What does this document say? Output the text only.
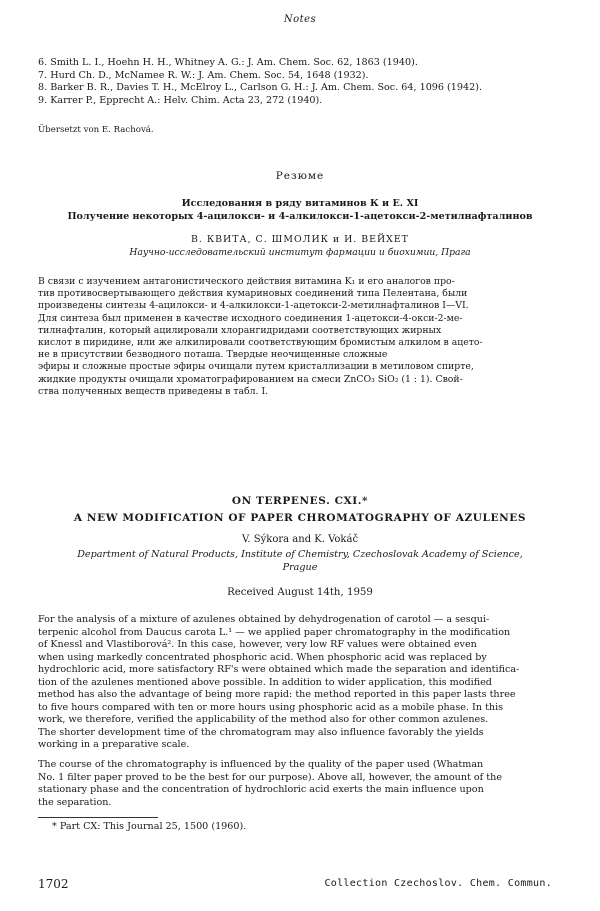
Notes
6. Smith L. I., Hoehn H. H., Whitney A. G.: J. Am. Chem. Soc. 62, 1863 (1940).
7. Hurd Ch. D., McNamee R. W.: J. Am. Chem. Soc. 54, 1648 (1932).
8. Barker B. R., Davies T. H., McElroy L., Carlson G. H.: J. Am. Chem. Soc. 64, 1096 (1942).
9. Karrer P., Epprecht A.: Helv. Chim. Acta 23, 272 (1940).
Übersetzt von E. Rachová.
Резюме
Исследования в ряду витаминов К и Е. XI
Получение некоторых 4-ацилокси- и 4-алкилокси-1-ацетокси-2-метилнафталинов
В. КВИТА, С. ШМОЛИК и И. ВЕЙХЕТ
Научно-исследовательский институт фармации и биохимии, Прага
В связи с изучением антагонистического действия витамина K₁ и его аналогов про-
тив противосвертывающего действия кумариновых соединений типа Пелентана, были
произведены синтезы 4-ацилокси- и 4-алкилокси-1-ацетокси-2-метилнафталинов I—VI.
Для синтеза был применен в качестве исходного соединения 1-ацетокси-4-окси-2-ме-
тилнафталин, который ацилировали хлорангидридами соответствующих жирных
кислот в пиридине, или же алкилировали соответствующим бромистым алкилом в ацето-
не в присутствии безводного поташа. Твердые неочищенные сложные
эфиры и сложные простые эфиры очищали путем кристаллизации в метиловом спирте,
жидкие продукты очищали хроматографированием на смеси ZnCO₃ SiO₂ (1 : 1). Свой-
ства полученных веществ приведены в табл. I.
ON TERPENES. CXI.*
A NEW MODIFICATION OF PAPER CHROMATOGRAPHY OF AZULENES
V. Sýkora and K. Vokáč
Department of Natural Products, Institute of Chemistry, Czechoslovak Academy of Science,
Prague
Received August 14th, 1959
For the analysis of a mixture of azulenes obtained by dehydrogenation of carotol — a sesqui-
terpenic alcohol from Daucus carota L.¹ — we applied paper chromatography in the modification
of Knessl and Vlastiborová². In this case, however, very low RF values were obtained even
when using markedly concentrated phosphoric acid. When phosphoric acid was replaced by
hydrochloric acid, more satisfactory RF's were obtained which made the separation and identifica-
tion of the azulenes mentioned above possible. In addition to wider application, this modified
method has also the advantage of being more rapid: the method reported in this paper lasts three
to five hours compared with ten or more hours using phosphoric acid as a mobile phase. In this
work, we therefore, verified the applicability of the method also for other common azulenes.
The shorter development time of the chromatogram may also influence favorably the yields
working in a preparative scale.
The course of the chromatography is influenced by the quality of the paper used (Whatman
No. 1 filter paper proved to be the best for our purpose). Above all, however, the amount of the
stationary phase and the concentration of hydrochloric acid exerts the main influence upon
the separation.
* Part CX: This Journal 25, 1500 (1960).
1702	Collection Czechoslov. Chem. Commun.
